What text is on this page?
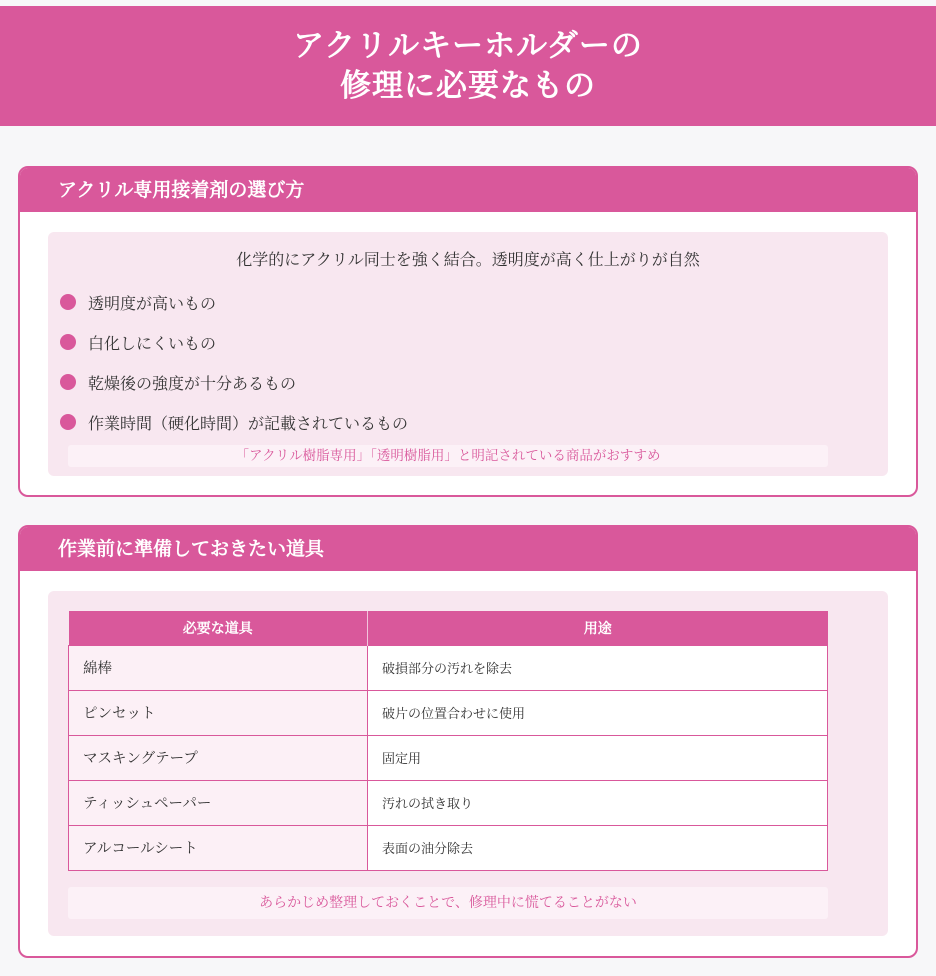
アクリルキーホルダーの
修理に必要なもの
アクリル専用接着剤の選び方

化学的にアクリル同士を強く結合。透明度が高く仕上がりが自然

透明度が高いもの
白化しにくいもの
乾燥後の強度が十分あるもの
作業時間（硬化時間）が記載されているもの
「アクリル樹脂専用」「透明樹脂用」と明記されている商品がおすすめ
作業前に準備しておきたい道具
必要な道具	用途
綿棒	破損部分の汚れを除去
ピンセット	破片の位置合わせに使用
マスキングテープ	固定用
ティッシュペーパー	汚れの拭き取り
アルコールシート	表面の油分除去
あらかじめ整理しておくことで、修理中に慌てることがない
